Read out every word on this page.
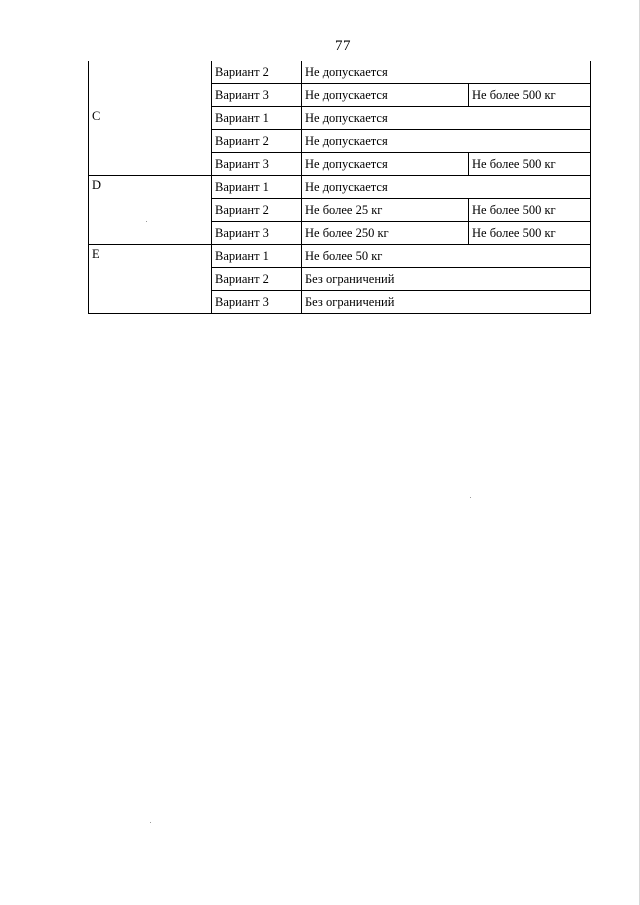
77
	Вариант 2	Не допускается	
	Вариант 3	Не допускается	Не более 500 кг
C	Вариант 1	Не допускается	
	Вариант 2	Не допускается	
	Вариант 3	Не допускается	Не более 500 кг
D	Вариант 1	Не допускается	
	Вариант 2	Не более 25 кг	Не более 500 кг
	Вариант 3	Не более 250 кг	Не более 500 кг
E	Вариант 1	Не более 50 кг	
	Вариант 2	Без ограничений	
	Вариант 3	Без ограничений	
